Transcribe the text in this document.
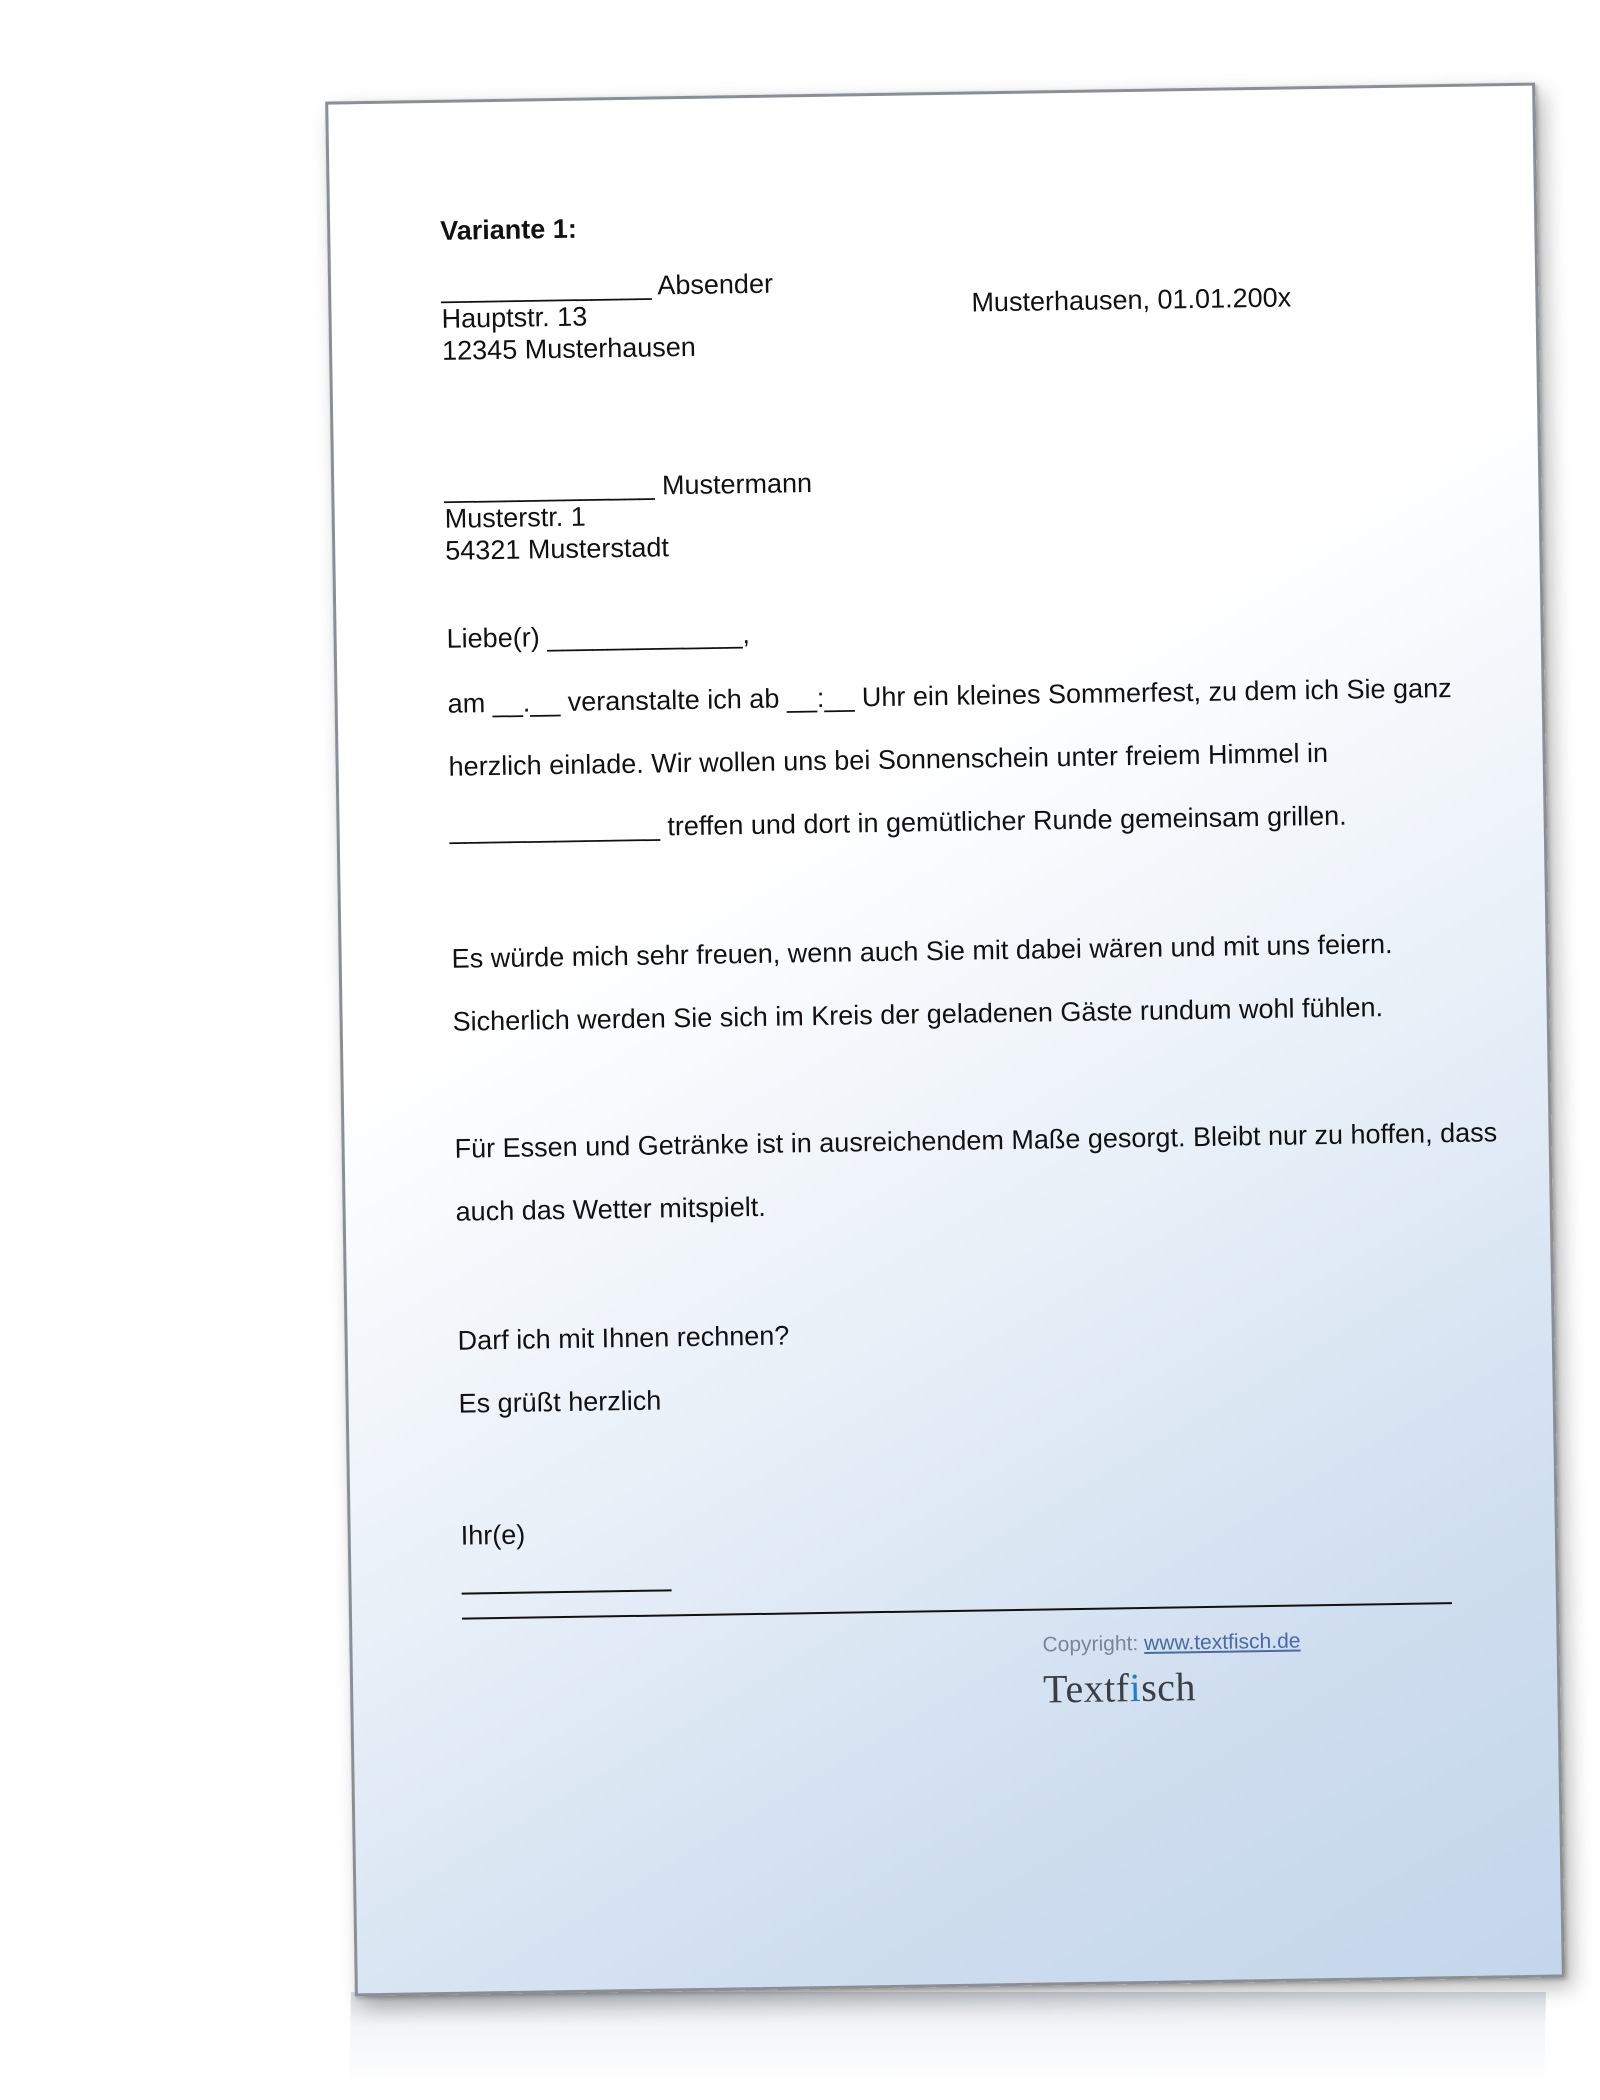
Variante 1:
______________ Absender
Hauptstr. 13
12345 Musterhausen
Musterhausen, 01.01.200x
______________ Mustermann
Musterstr. 1
54321 Musterstadt
Liebe(r) _____________,
am __.__ veranstalte ich ab __:__ Uhr ein kleines Sommerfest, zu dem ich Sie ganz
herzlich einlade. Wir wollen uns bei Sonnenschein unter freiem Himmel in
______________ treffen und dort in gemütlicher Runde gemeinsam grillen.
Es würde mich sehr freuen, wenn auch Sie mit dabei wären und mit uns feiern.
Sicherlich werden Sie sich im Kreis der geladenen Gäste rundum wohl fühlen.
Für Essen und Getränke ist in ausreichendem Maße gesorgt. Bleibt nur zu hoffen, dass
auch das Wetter mitspielt.
Darf ich mit Ihnen rechnen?
Es grüßt herzlich
Ihr(e)
Copyright: www.textfisch.de
Textfisch
